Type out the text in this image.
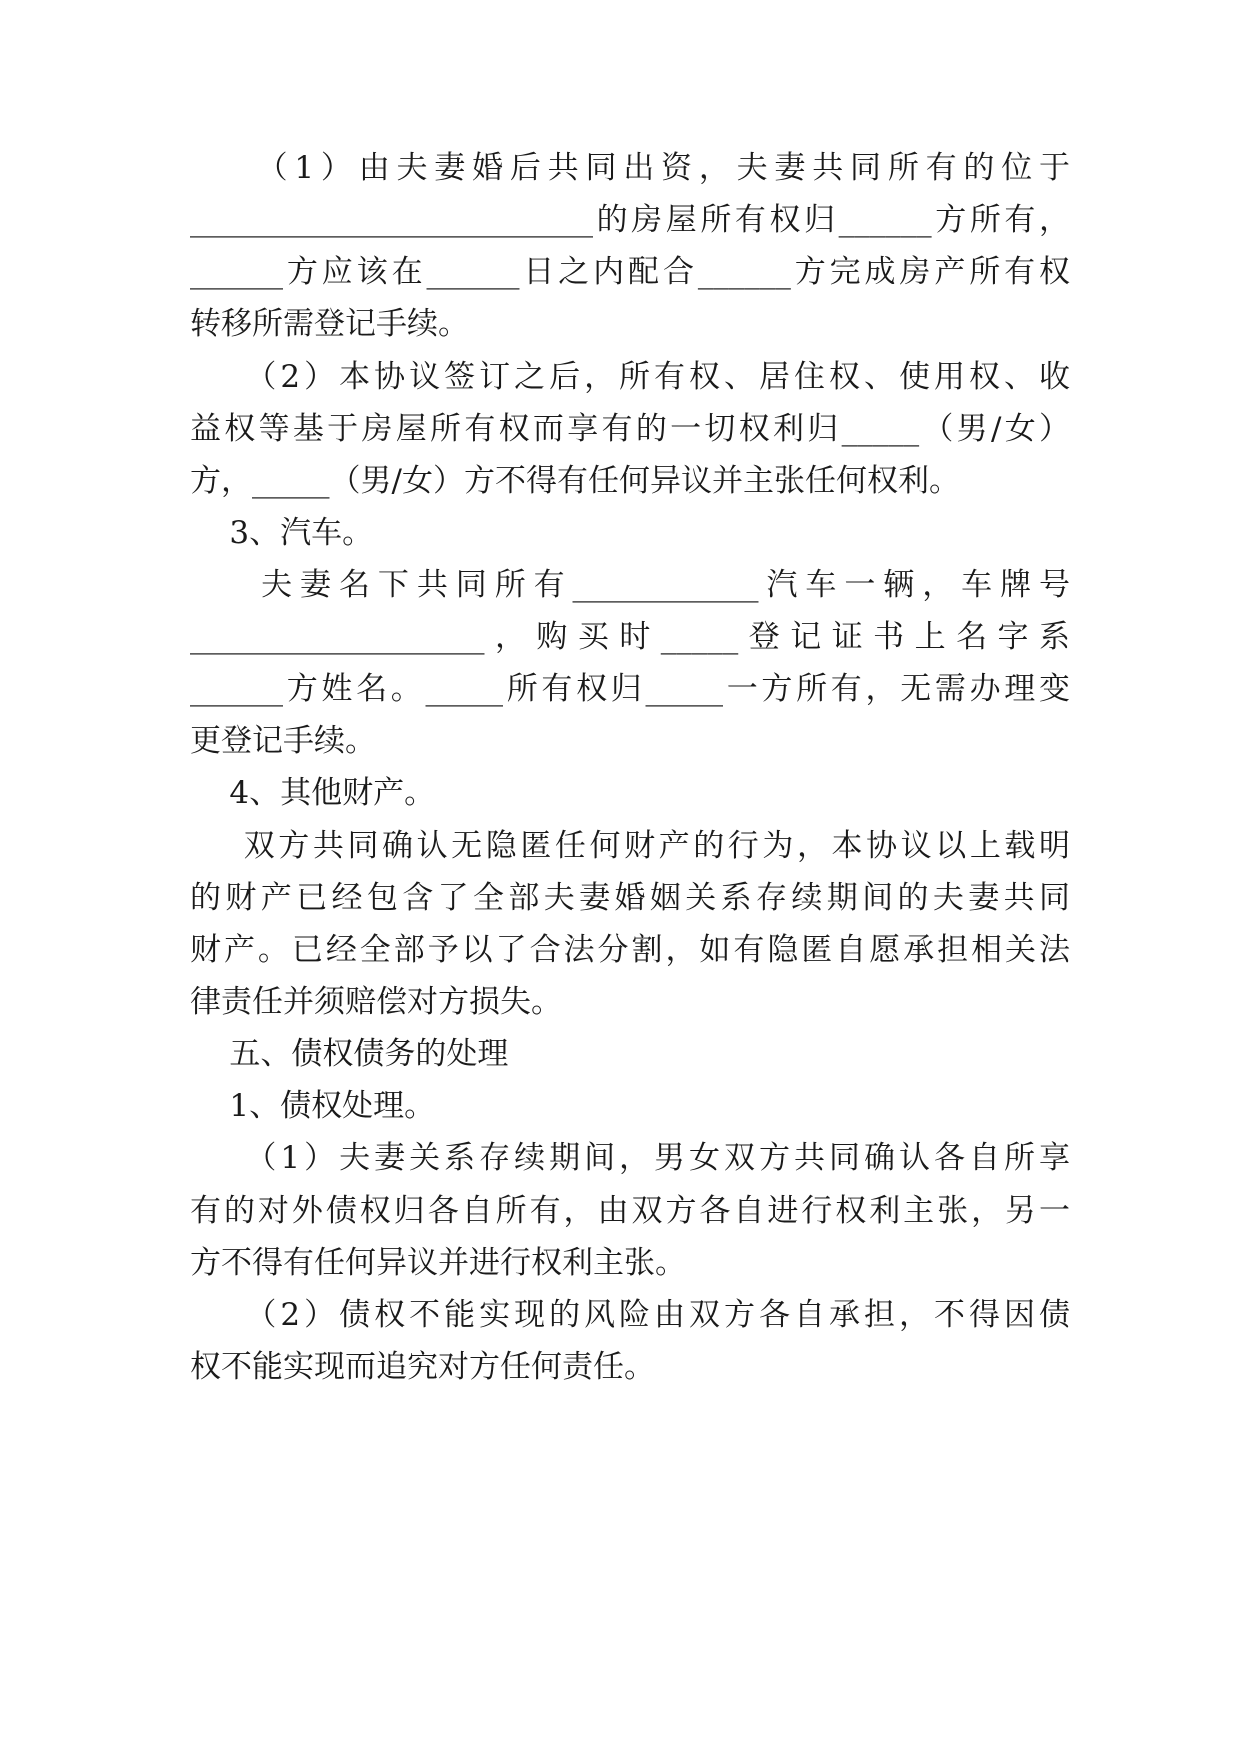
（1）由夫妻婚后共同出资，夫妻共同所有的位于
__________________________的房屋所有权归______方所有，
______方应该在______日之内配合______方完成房产所有权
转移所需登记手续。
（2）本协议签订之后，所有权、居住权、使用权、收
益权等基于房屋所有权而享有的一切权利归_____（男/女）
方，_____（男/女）方不得有任何异议并主张任何权利。
3、汽车。
夫妻名下共同所有____________汽车一辆，车牌号
___________________，购买时_____登记证书上名字系
______方姓名。_____所有权归_____一方所有，无需办理变
更登记手续。
4、其他财产。
双方共同确认无隐匿任何财产的行为，本协议以上载明
的财产已经包含了全部夫妻婚姻关系存续期间的夫妻共同
财产。已经全部予以了合法分割，如有隐匿自愿承担相关法
律责任并须赔偿对方损失。
五、债权债务的处理
1、债权处理。
（1）夫妻关系存续期间，男女双方共同确认各自所享
有的对外债权归各自所有，由双方各自进行权利主张，另一
方不得有任何异议并进行权利主张。
（2）债权不能实现的风险由双方各自承担，不得因债
权不能实现而追究对方任何责任。
